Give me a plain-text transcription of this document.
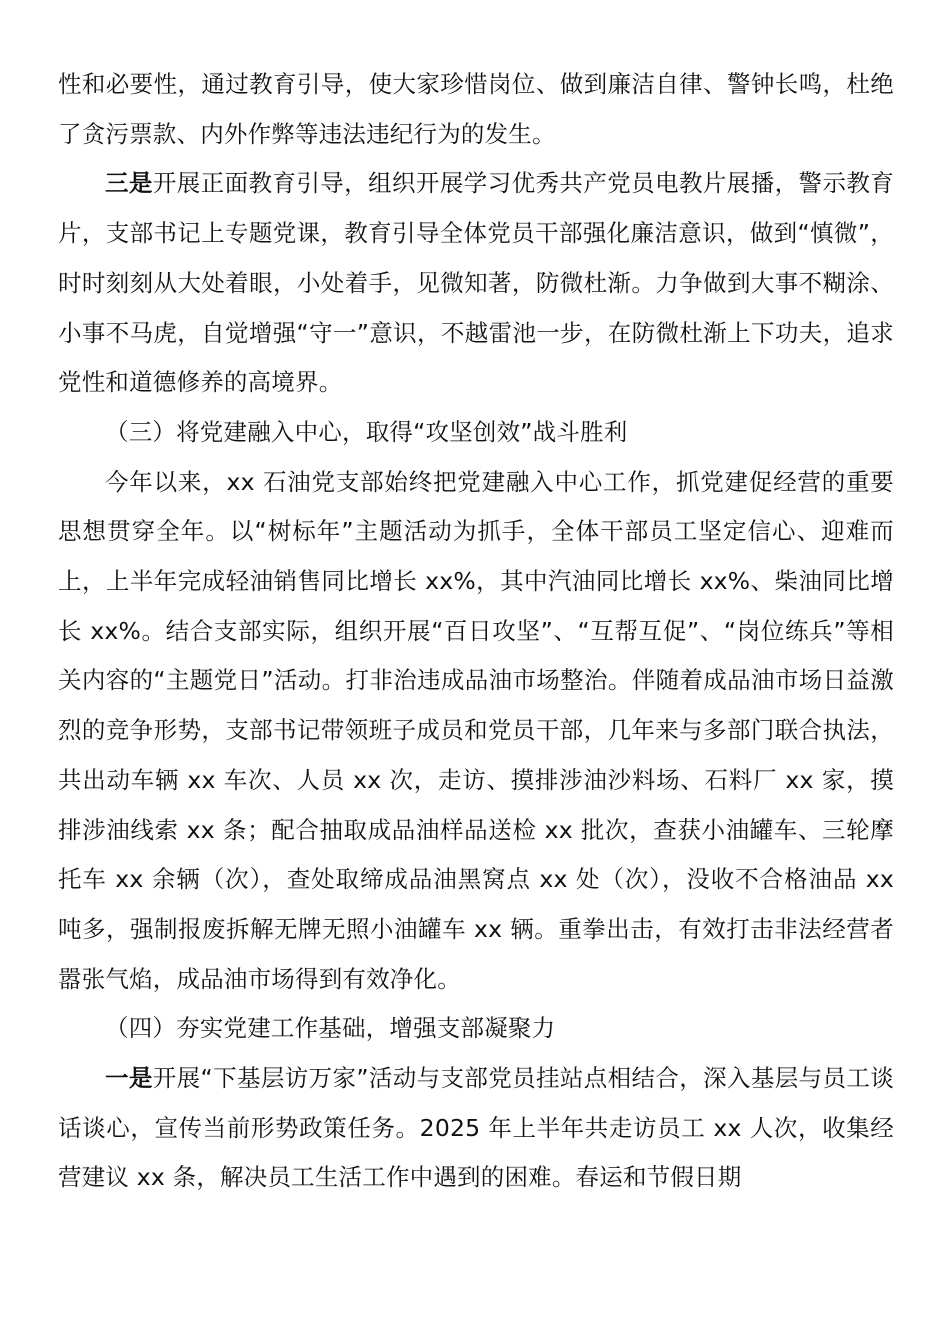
性和必要性，通过教育引导，使大家珍惜岗位、做到廉洁自律、警钟长鸣，杜绝了贪污票款、内外作弊等违法违纪行为的发生。

三是开展正面教育引导，组织开展学习优秀共产党员电教片展播，警示教育片，支部书记上专题党课，教育引导全体党员干部强化廉洁意识，做到“慎微”，时时刻刻从大处着眼，小处着手，见微知著，防微杜渐。力争做到大事不糊涂、小事不马虎，自觉增强“守一”意识，不越雷池一步，在防微杜渐上下功夫，追求党性和道德修养的高境界。

（三）将党建融入中心，取得“攻坚创效”战斗胜利

今年以来，xx 石油党支部始终把党建融入中心工作，抓党建促经营的重要思想贯穿全年。以“树标年”主题活动为抓手，全体干部员工坚定信心、迎难而上，上半年完成轻油销售同比增长 xx%，其中汽油同比增长 xx%、柴油同比增长 xx%。结合支部实际，组织开展“百日攻坚”、“互帮互促”、“岗位练兵”等相关内容的“主题党日”活动。打非治违成品油市场整治。伴随着成品油市场日益激烈的竞争形势，支部书记带领班子成员和党员干部，几年来与多部门联合执法，共出动车辆 xx 车次、人员 xx 次，走访、摸排涉油沙料场、石料厂 xx 家，摸排涉油线索 xx 条；配合抽取成品油样品送检 xx 批次，查获小油罐车、三轮摩托车 xx 余辆（次），查处取缔成品油黑窝点 xx 处（次），没收不合格油品 xx 吨多，强制报废拆解无牌无照小油罐车 xx 辆。重拳出击，有效打击非法经营者嚣张气焰，成品油市场得到有效净化。

（四）夯实党建工作基础，增强支部凝聚力

一是开展“下基层访万家”活动与支部党员挂站点相结合，深入基层与员工谈话谈心，宣传当前形势政策任务。2025 年上半年共走访员工 xx 人次，收集经营建议 xx 条，解决员工生活工作中遇到的困难。春运和节假日期
